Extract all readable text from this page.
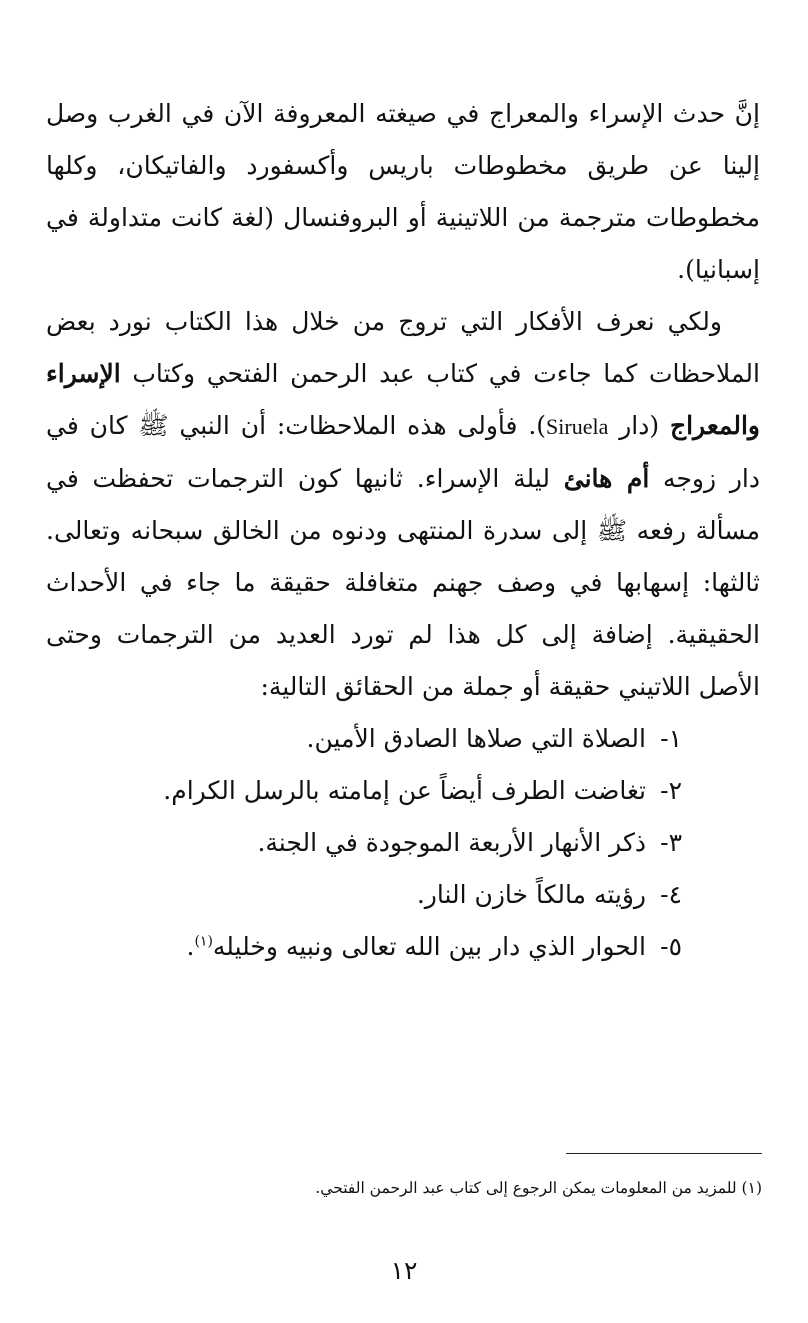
إنَّ حدث الإسراء والمعراج في صيغته المعروفة الآن في الغرب وصل إلينا عن طريق مخطوطات باريس وأكسفورد والفاتيكان، وكلها مخطوطات مترجمة من اللاتينية أو البروفنسال (لغة كانت متداولة في إسبانيا).

ولكي نعرف الأفكار التي تروج من خلال هذا الكتاب نورد بعض الملاحظات كما جاءت في كتاب عبد الرحمن الفتحي وكتاب الإسراء والمعراج (دار Siruela). فأولى هذه الملاحظات: أن النبي ﷺ كان في دار زوجه أم هانئ ليلة الإسراء. ثانيها كون الترجمات تحفظت في مسألة رفعه ﷺ إلى سدرة المنتهى ودنوه من الخالق سبحانه وتعالى. ثالثها: إسهابها في وصف جهنم متغافلة حقيقة ما جاء في الأحداث الحقيقية. إضافة إلى كل هذا لم تورد العديد من الترجمات وحتى الأصل اللاتيني حقيقة أو جملة من الحقائق التالية:

١-الصلاة التي صلاها الصادق الأمين.
٢-تغاضت الطرف أيضاً عن إمامته بالرسل الكرام.
٣-ذكر الأنهار الأربعة الموجودة في الجنة.
٤-رؤيته مالكاً خازن النار.
٥-الحوار الذي دار بين الله تعالى ونبيه وخليله$^{(١)}$.
(١) للمزيد من المعلومات يمكن الرجوع إلى كتاب عبد الرحمن الفتحي.
١٢
